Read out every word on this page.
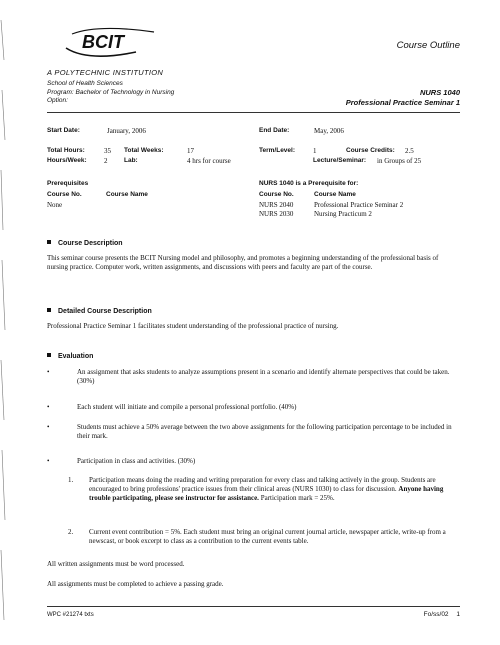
BCIT
A POLYTECHNIC INSTITUTION
Course Outline
School of Health Sciences
Program: Bachelor of Technology in Nursing
Option:
NURS 1040
Professional Practice Seminar 1
Start Date:	January, 2006	End Date:	May, 2006
Total Hours:	35 Total Weeks:	17	Term/Level:	1	Course Credits: 2.5
Hours/Week: 2	Lab:	4 hrs for course	Lecture/Seminar: in Groups of 25
Prerequisites
Course No.	Course Name
None
NURS 1040 is a Prerequisite for:
Course No.	Course Name
NURS 2040	Professional Practice Seminar 2
NURS 2030	Nursing Practicum 2
Course Description
This seminar course presents the BCIT Nursing model and philosophy, and promotes a beginning understanding of the professional basis of nursing practice. Computer work, written assignments, and discussions with peers and faculty are part of the course.
Detailed Course Description
Professional Practice Seminar 1 facilitates student understanding of the professional practice of nursing.
Evaluation
•	An assignment that asks students to analyze assumptions present in a scenario and identify alternate perspectives that could be taken. (30%)
•	Each student will initiate and compile a personal professional portfolio. (40%)
•	Students must achieve a 50% average between the two above assignments for the following participation percentage to be included in their mark.
•	Participation in class and activities. (30%)
1. Participation means doing the reading and writing preparation for every class and talking actively in the group. Students are encouraged to bring professions' practice issues from their clinical areas (NURS 1030) to class for discussion. Anyone having trouble participating, please see instructor for assistance. Participation mark = 25%.
2. Current event contribution = 5%. Each student must bring an original current journal article, newspaper article, write-up from a newscast, or book excerpt to class as a contribution to the current events table.
All written assignments must be word processed.
All assignments must be completed to achieve a passing grade.
WPC #21274 txts	Fo/ss/02 1
